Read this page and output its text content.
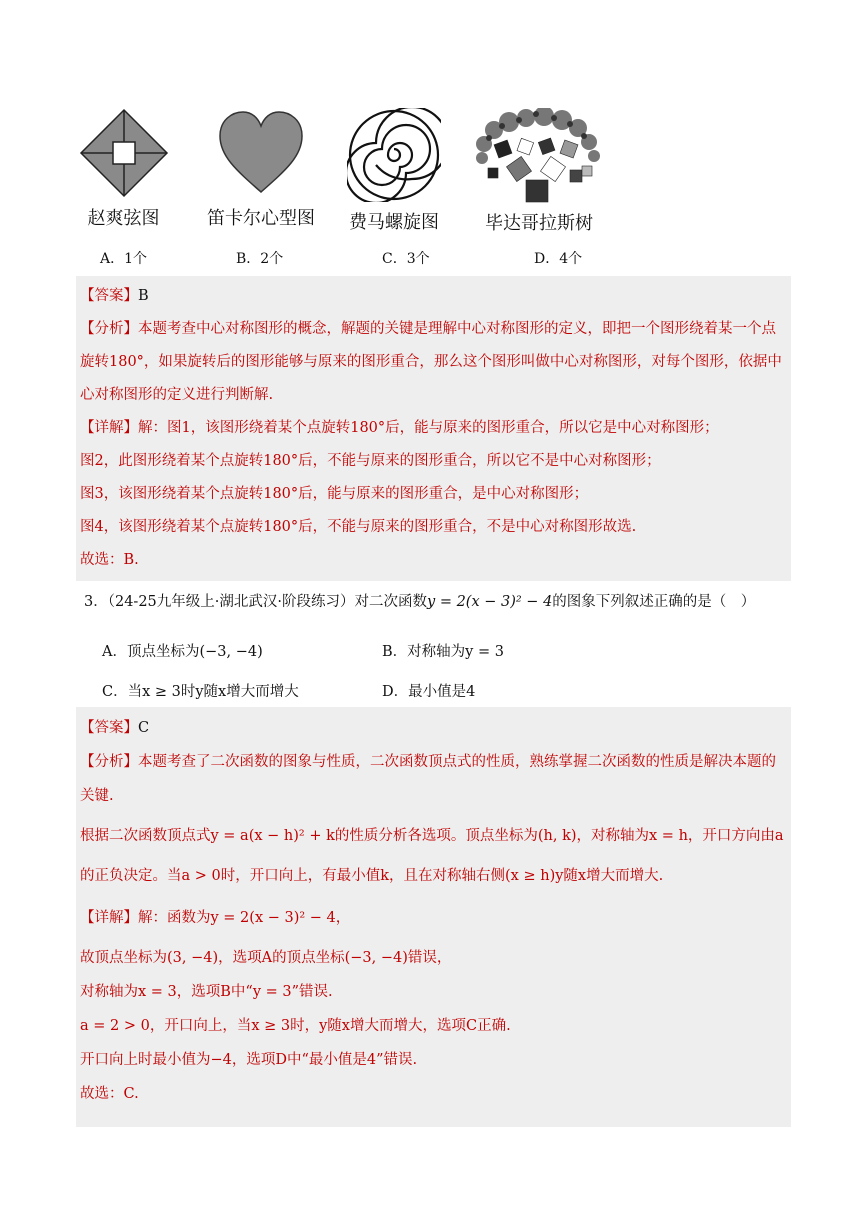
赵爽弦图	笛卡尔心型图	费马螺旋图	毕达哥拉斯树
A．1个	B．2个	C．3个	D．4个

【答案】B

【分析】本题考查中心对称图形的概念，解题的关键是理解中心对称图形的定义，即把一个图形绕着某一个点旋转180°，如果旋转后的图形能够与原来的图形重合，那么这个图形叫做中心对称图形，对每个图形，依据中心对称图形的定义进行判断解.

【详解】解：图1，该图形绕着某个点旋转180°后，能与原来的图形重合，所以它是中心对称图形；

图2，此图形绕着某个点旋转180°后，不能与原来的图形重合，所以它不是中心对称图形；

图3，该图形绕着某个点旋转180°后，能与原来的图形重合，是中心对称图形；

图4，该图形绕着某个点旋转180°后，不能与原来的图形重合，不是中心对称图形故选.

故选：B.

3．（24-25九年级上·湖北武汉·阶段练习）对二次函数y = 2(x − 3)² − 4的图象下列叙述正确的是（　）
A．顶点坐标为(−3, −4)	B．对称轴为y = 3
C．当x ≥ 3时y随x增大而增大	D．最小值是4

【答案】C

【分析】本题考查了二次函数的图象与性质，二次函数顶点式的性质，熟练掌握二次函数的性质是解决本题的关键.

根据二次函数顶点式y = a(x − h)² + k的性质分析各选项。顶点坐标为(h, k)，对称轴为x = h，开口方向由a

的正负决定。当a > 0时，开口向上，有最小值k，且在对称轴右侧(x ≥ h)y随x增大而增大.

【详解】解：函数为y = 2(x − 3)² − 4，

故顶点坐标为(3, −4)，选项A的顶点坐标(−3, −4)错误，

对称轴为x = 3，选项B中“y = 3”错误.

a = 2 > 0，开口向上，当x ≥ 3时，y随x增大而增大，选项C正确.

开口向上时最小值为−4，选项D中“最小值是4”错误.

故选：C.
